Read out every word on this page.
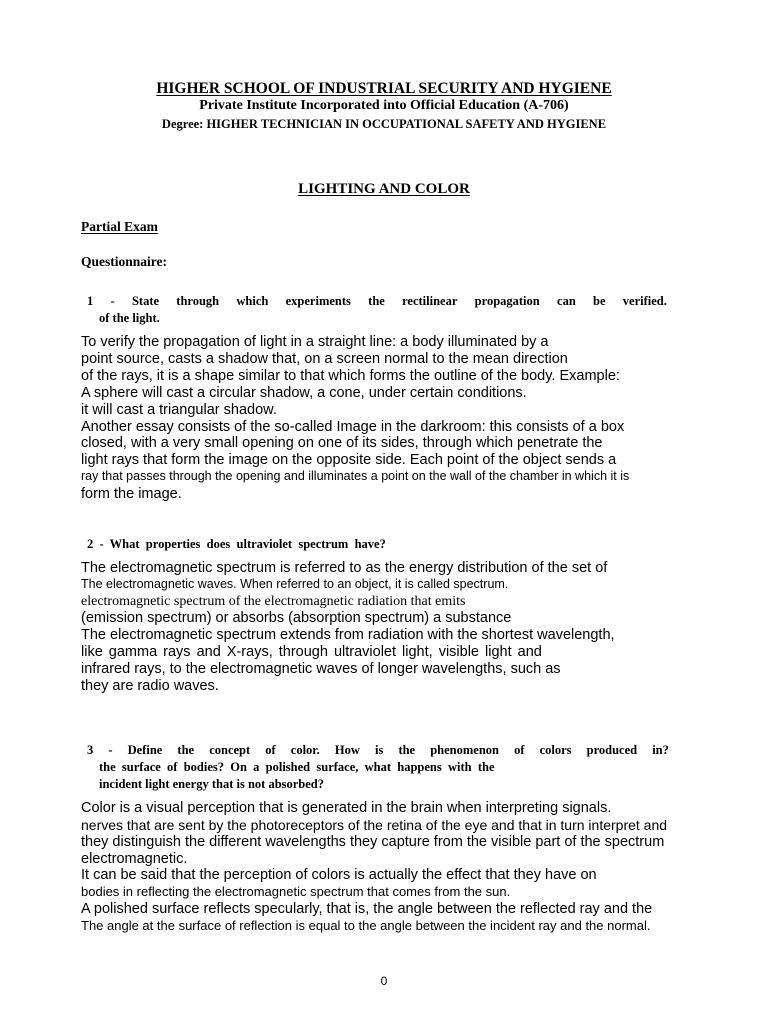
HIGHER SCHOOL OF INDUSTRIAL SECURITY AND HYGIENE
Private Institute Incorporated into Official Education (A-706)
Degree: HIGHER TECHNICIAN IN OCCUPATIONAL SAFETY AND HYGIENE
LIGHTING AND COLOR
Partial Exam
Questionnaire:
1 - State through which experiments the rectilinear propagation can be verified.
of the light.
To verify the propagation of light in a straight line: a body illuminated by a
point source, casts a shadow that, on a screen normal to the mean direction
of the rays, it is a shape similar to that which forms the outline of the body. Example:
A sphere will cast a circular shadow, a cone, under certain conditions.
it will cast a triangular shadow.
Another essay consists of the so-called Image in the darkroom: this consists of a box
closed, with a very small opening on one of its sides, through which penetrate the
light rays that form the image on the opposite side. Each point of the object sends a
ray that passes through the opening and illuminates a point on the wall of the chamber in which it is
form the image.
2  -  What  properties  does  ultraviolet  spectrum  have?
The electromagnetic spectrum is referred to as the energy distribution of the set of
The electromagnetic waves. When referred to an object, it is called spectrum.
electromagnetic spectrum of the electromagnetic radiation that emits
(emission spectrum) or absorbs (absorption spectrum) a substance
The electromagnetic spectrum extends from radiation with the shortest wavelength,
like gamma rays and X-rays, through ultraviolet light, visible light and
infrared rays, to the electromagnetic waves of longer wavelengths, such as
they are radio waves.
3 - Define the concept of color. How is the phenomenon of colors produced in?
the  surface  of  bodies?  On  a  polished  surface,  what  happens  with  the
incident light energy that is not absorbed?
Color is a visual perception that is generated in the brain when interpreting signals.
nerves that are sent by the photoreceptors of the retina of the eye and that in turn interpret and
they distinguish the different wavelengths they capture from the visible part of the spectrum
electromagnetic.
It can be said that the perception of colors is actually the effect that they have on
bodies in reflecting the electromagnetic spectrum that comes from the sun.
A polished surface reflects specularly, that is, the angle between the reflected ray and the
The angle at the surface of reflection is equal to the angle between the incident ray and the normal.
0
